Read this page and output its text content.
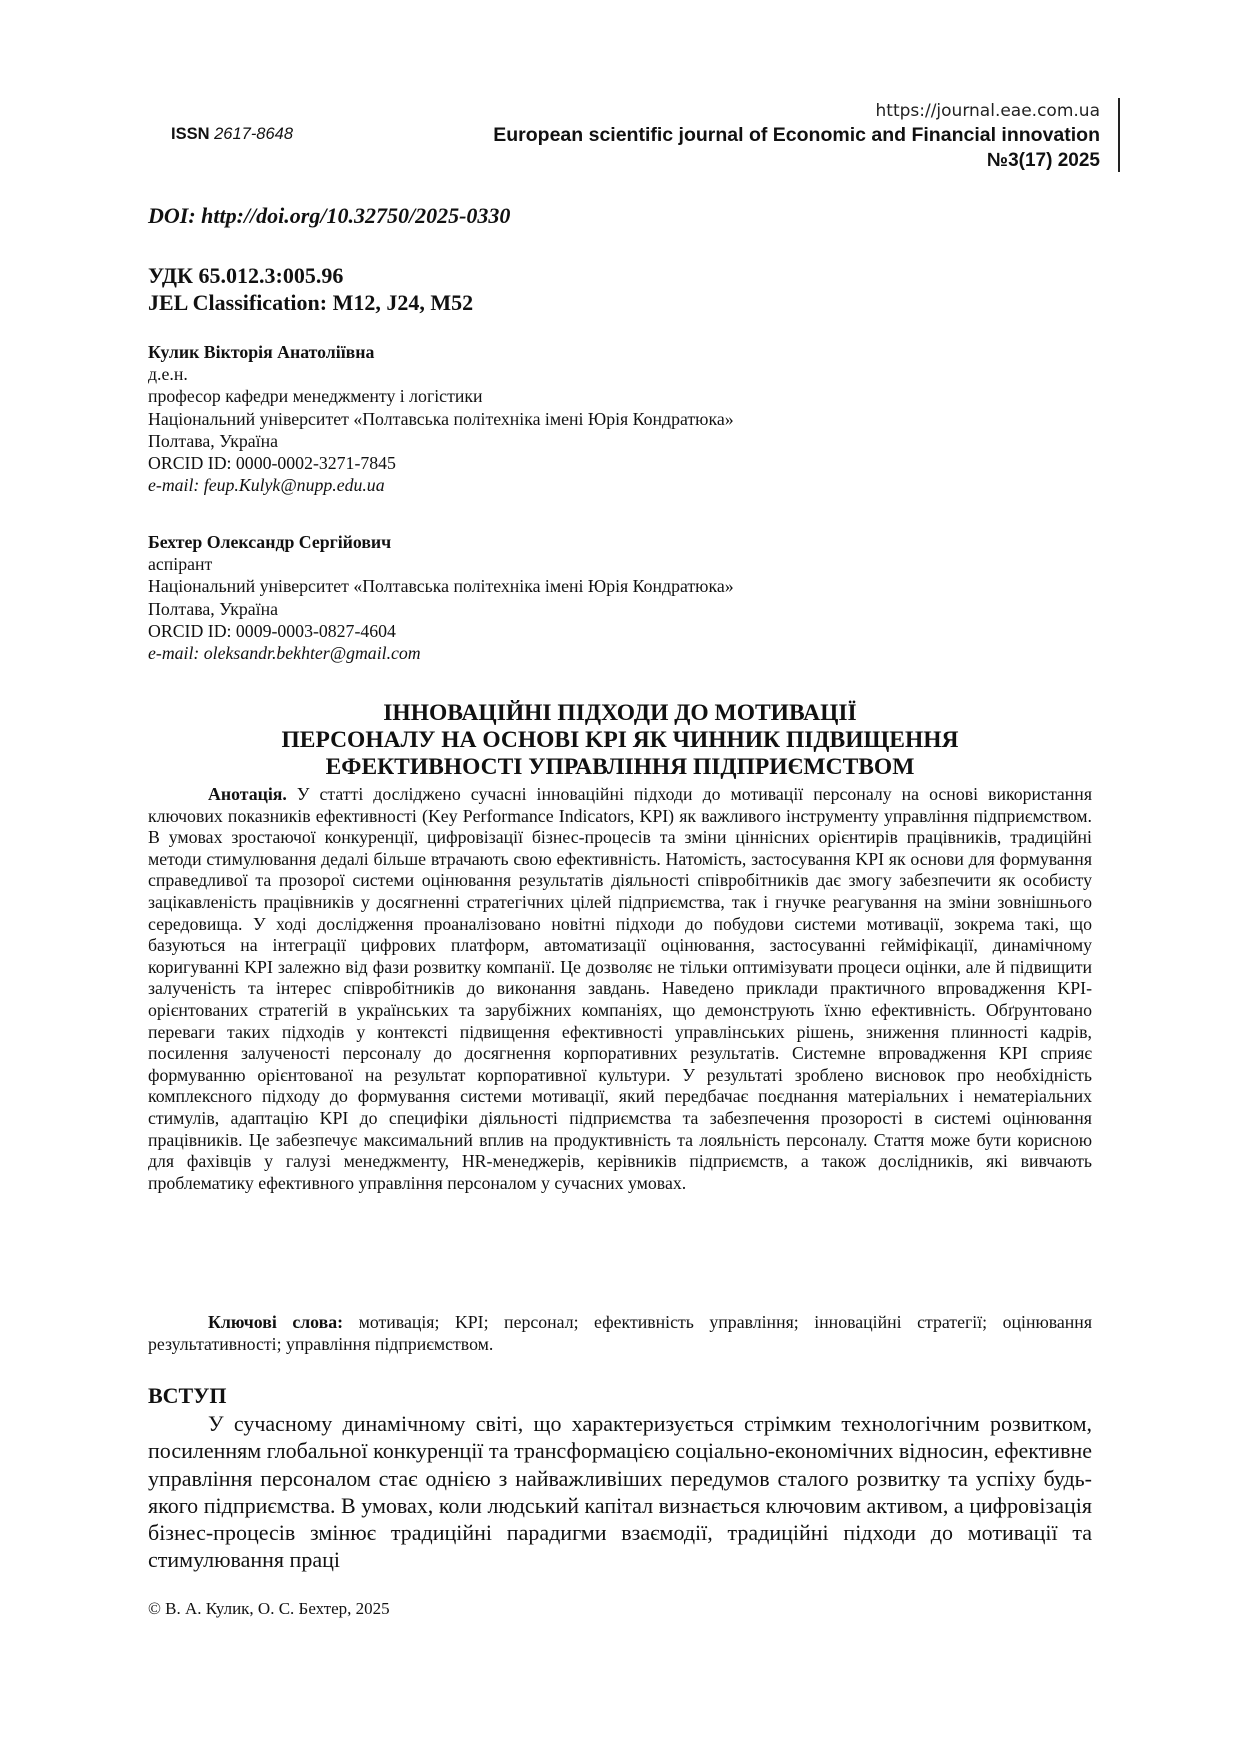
https://journal.eae.com.ua
ISSN 2617-8648	European scientific journal of Economic and Financial innovation
№3(17) 2025
DOI: http://doi.org/10.32750/2025-0330
УДК 65.012.3:005.96
JEL Classification: M12, J24, M52
Кулик Вікторія Анатоліївна
д.е.н.
професор кафедри менеджменту і логістики
Національний університет «Полтавська політехніка імені Юрія Кондратюка»
Полтава, Україна
ORCID ID: 0000-0002-3271-7845
e-mail: feup.Kulyk@nupp.edu.ua
Бехтер Олександр Сергійович
аспірант
Національний університет «Полтавська політехніка імені Юрія Кондратюка»
Полтава, Україна
ORCID ID: 0009-0003-0827-4604
e-mail: oleksandr.bekhter@gmail.com
ІННОВАЦІЙНІ ПІДХОДИ ДО МОТИВАЦІЇ
ПЕРСОНАЛУ НА ОСНОВІ KPI ЯК ЧИННИК ПІДВИЩЕННЯ
ЕФЕКТИВНОСТІ УПРАВЛІННЯ ПІДПРИЄМСТВОМ
Анотація. У статті досліджено сучасні інноваційні підходи до мотивації персоналу на основі використання ключових показників ефективності (Key Performance Indicators, KPI) як важливого інструменту управління підприємством. В умовах зростаючої конкуренції, цифровізації бізнес-процесів та зміни ціннісних орієнтирів працівників, традиційні методи стимулювання дедалі більше втрачають свою ефективність. Натомість, застосування KPI як основи для формування справедливої та прозорої системи оцінювання результатів діяльності співробітників дає змогу забезпечити як особисту зацікавленість працівників у досягненні стратегічних цілей підприємства, так і гнучке реагування на зміни зовнішнього середовища. У ході дослідження проаналізовано новітні підходи до побудови системи мотивації, зокрема такі, що базуються на інтеграції цифрових платформ, автоматизації оцінювання, застосуванні гейміфікації, динамічному коригуванні KPI залежно від фази розвитку компанії. Це дозволяє не тільки оптимізувати процеси оцінки, але й підвищити залученість та інтерес співробітників до виконання завдань. Наведено приклади практичного впровадження KPI-орієнтованих стратегій в українських та зарубіжних компаніях, що демонструють їхню ефективність. Обґрунтовано переваги таких підходів у контексті підвищення ефективності управлінських рішень, зниження плинності кадрів, посилення залученості персоналу до досягнення корпоративних результатів. Системне впровадження KPI сприяє формуванню орієнтованої на результат корпоративної культури. У результаті зроблено висновок про необхідність комплексного підходу до формування системи мотивації, який передбачає поєднання матеріальних і нематеріальних стимулів, адаптацію KPI до специфіки діяльності підприємства та забезпечення прозорості в системі оцінювання працівників. Це забезпечує максимальний вплив на продуктивність та лояльність персоналу. Стаття може бути корисною для фахівців у галузі менеджменту, HR-менеджерів, керівників підприємств, а також дослідників, які вивчають проблематику ефективного управління персоналом у сучасних умовах.
Ключові слова: мотивація; KPI; персонал; ефективність управління; інноваційні стратегії; оцінювання результативності; управління підприємством.
ВСТУП
У сучасному динамічному світі, що характеризується стрімким технологічним розвитком, посиленням глобальної конкуренції та трансформацією соціально-економічних відносин, ефективне управління персоналом стає однією з найважливіших передумов сталого розвитку та успіху будь-якого підприємства. В умовах, коли людський капітал визнається ключовим активом, а цифровізація бізнес-процесів змінює традиційні парадигми взаємодії, традиційні підходи до мотивації та стимулювання праці
© В. А. Кулик, О. С. Бехтер, 2025
